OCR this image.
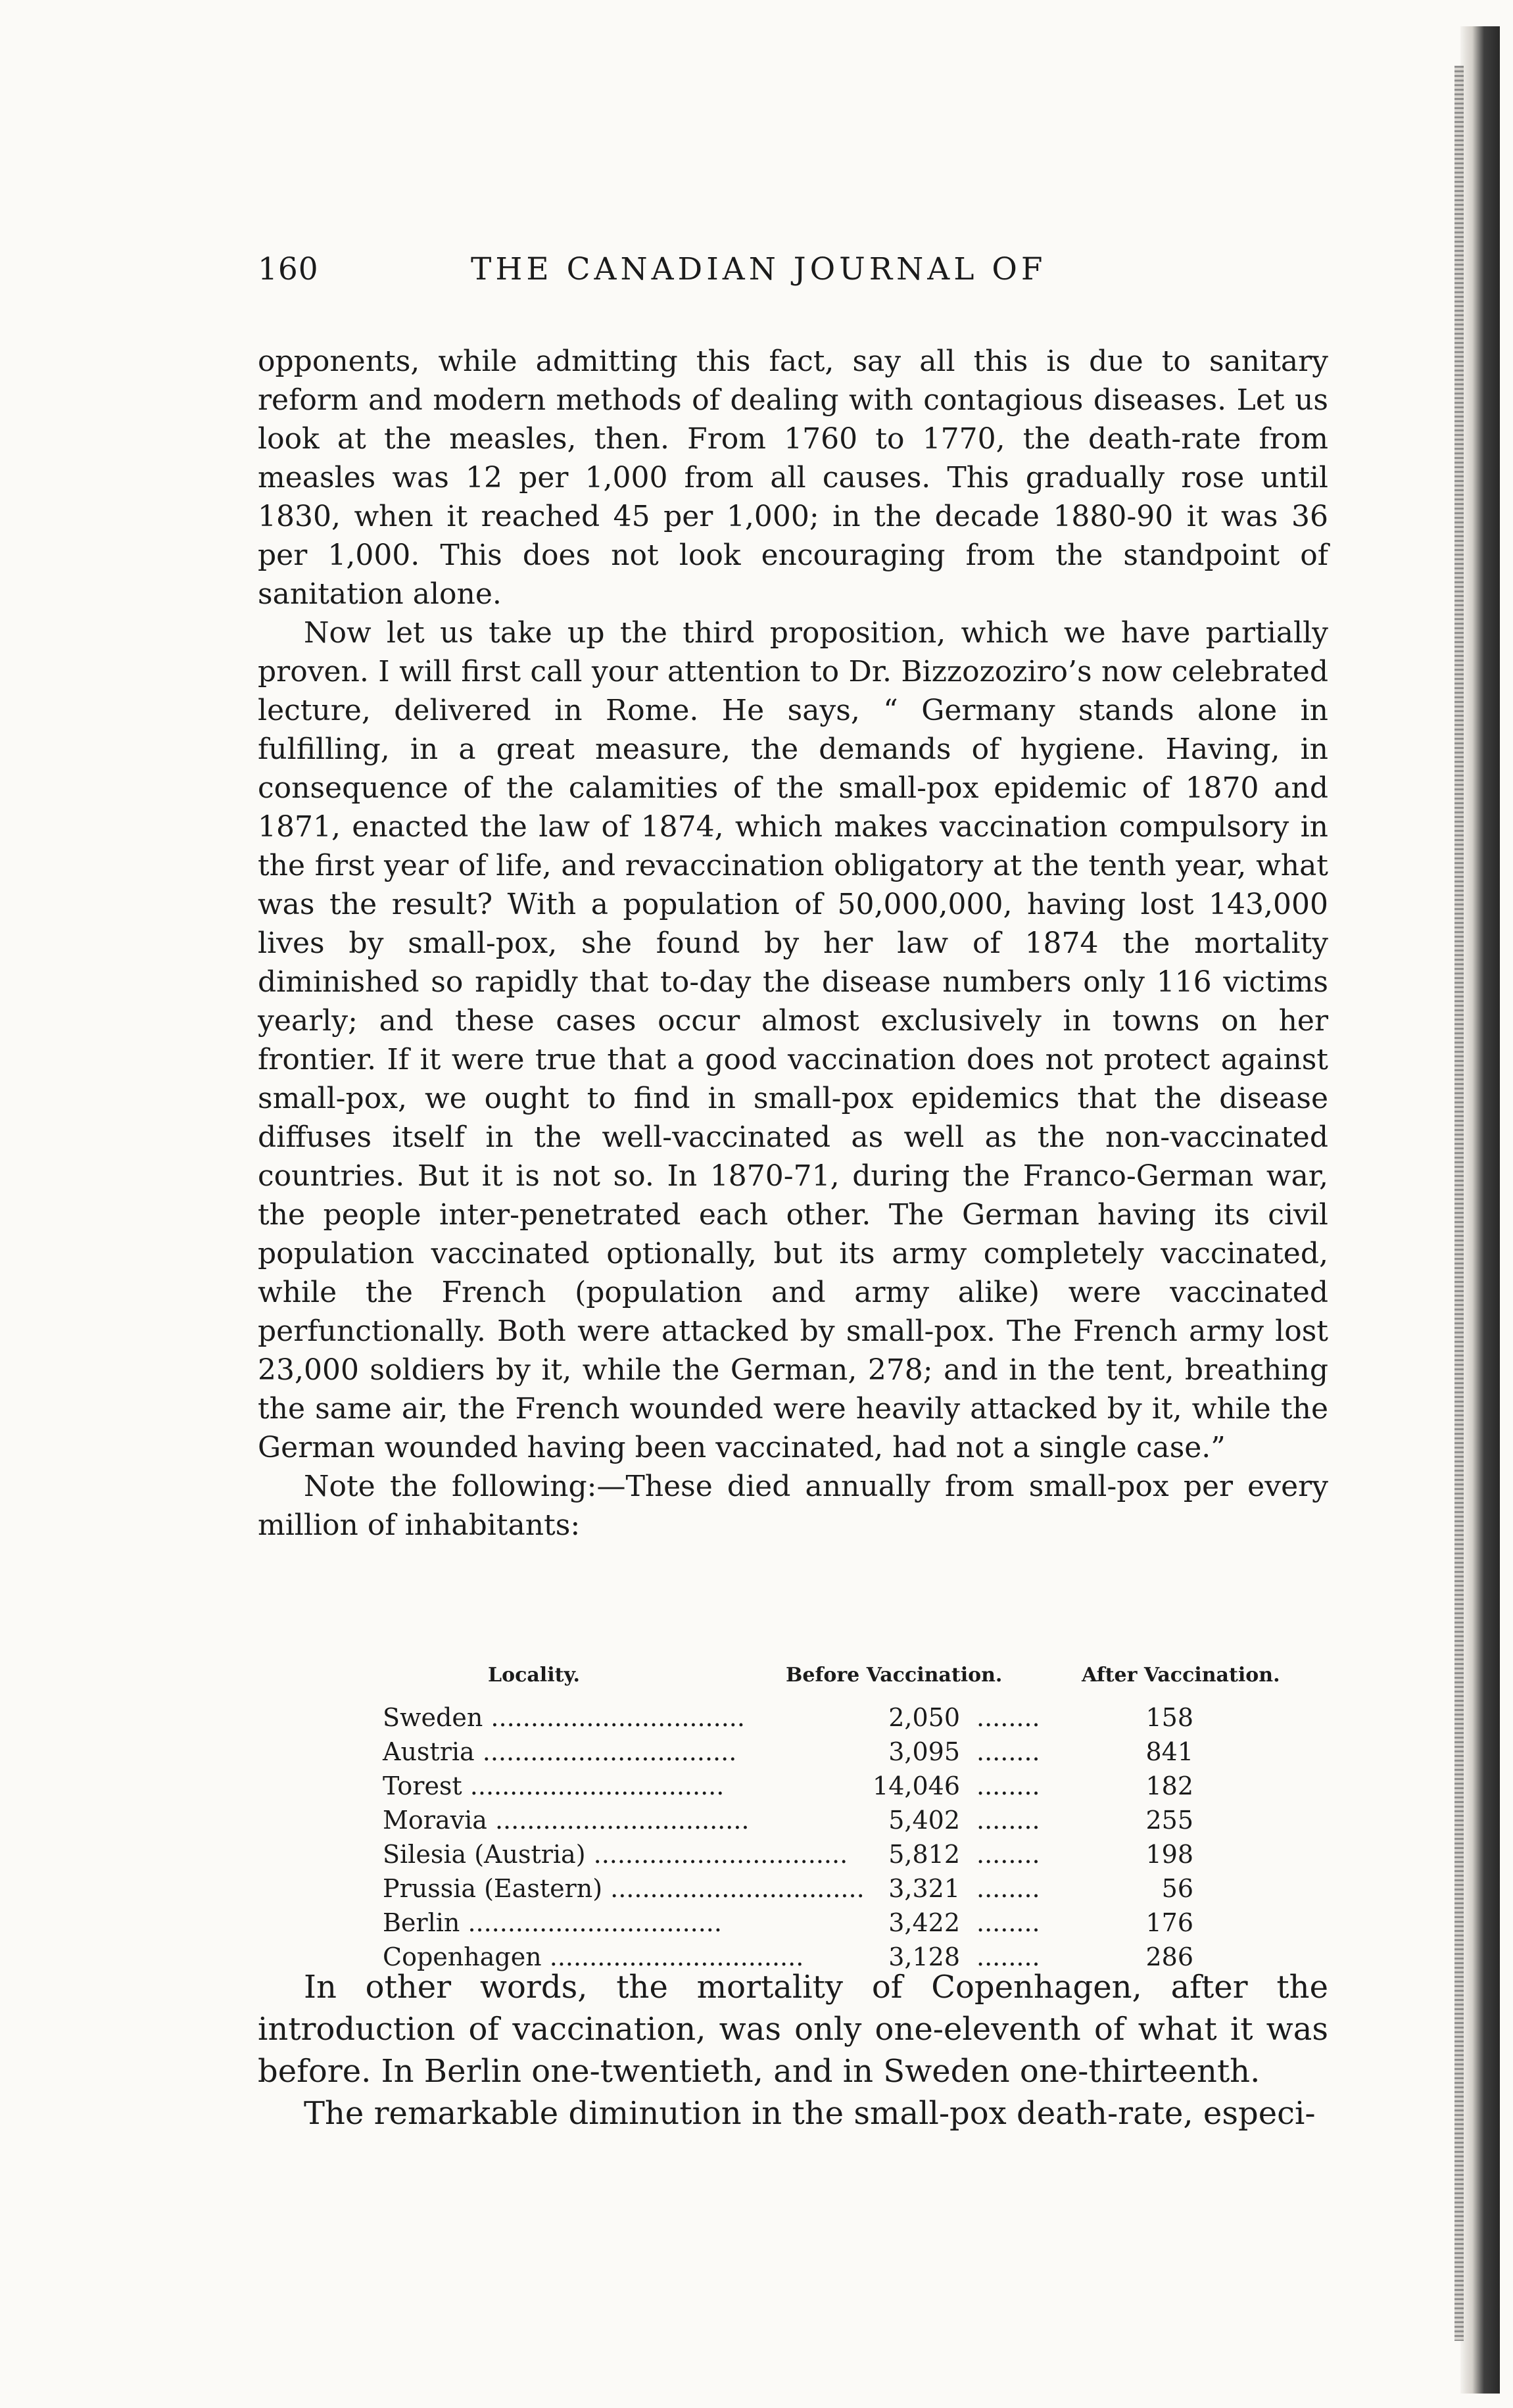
160	THE CANADIAN JOURNAL OF

opponents, while admitting this fact, say all this is due to sanitary reform and modern methods of dealing with contagious diseases. Let us look at the measles, then. From 1760 to 1770, the death-rate from measles was 12 per 1,000 from all causes. This gradually rose until 1830, when it reached 45 per 1,000; in the decade 1880-90 it was 36 per 1,000. This does not look encouraging from the standpoint of sanitation alone.

Now let us take up the third proposition, which we have partially proven. I will first call your attention to Dr. Bizzozoziro’s now celebrated lecture, delivered in Rome. He says, “ Germany stands alone in fulfilling, in a great measure, the demands of hygiene. Having, in consequence of the calamities of the small-pox epidemic of 1870 and 1871, enacted the law of 1874, which makes vaccination compulsory in the first year of life, and revaccination obligatory at the tenth year, what was the result? With a population of 50,000,000, having lost 143,000 lives by small-pox, she found by her law of 1874 the mortality diminished so rapidly that to-day the disease numbers only 116 victims yearly; and these cases occur almost exclusively in towns on her frontier. If it were true that a good vaccination does not protect against small-pox, we ought to find in small-pox epidemics that the disease diffuses itself in the well-vaccinated as well as the non-vaccinated countries. But it is not so. In 1870-71, during the Franco-German war, the people inter-penetrated each other. The German having its civil population vaccinated optionally, but its army completely vaccinated, while the French (population and army alike) were vaccinated perfunctionally. Both were attacked by small-pox. The French army lost 23,000 soldiers by it, while the German, 278; and in the tent, breathing the same air, the French wounded were heavily attacked by it, while the German wounded having been vaccinated, had not a single case.”

Note the following:—These died annually from small-pox per every million of inhabitants:

Locality.	Before Vaccination.	After Vaccination.
Sweden ................................	2,050 ........	158
Austria ................................	3,095 ........	841
Torest ................................	14,046 ........	182
Moravia ................................	5,402 ........	255
Silesia (Austria) ................................	5,812 ........	198
Prussia (Eastern) ................................ 3,321 ........	56
Berlin ................................	3,422 ........	176
Copenhagen ................................	3,128 ........	286

In other words, the mortality of Copenhagen, after the introduction of vaccination, was only one-eleventh of what it was before. In Berlin one-twentieth, and in Sweden one-thirteenth.

The remarkable diminution in the small-pox death-rate, especi-
